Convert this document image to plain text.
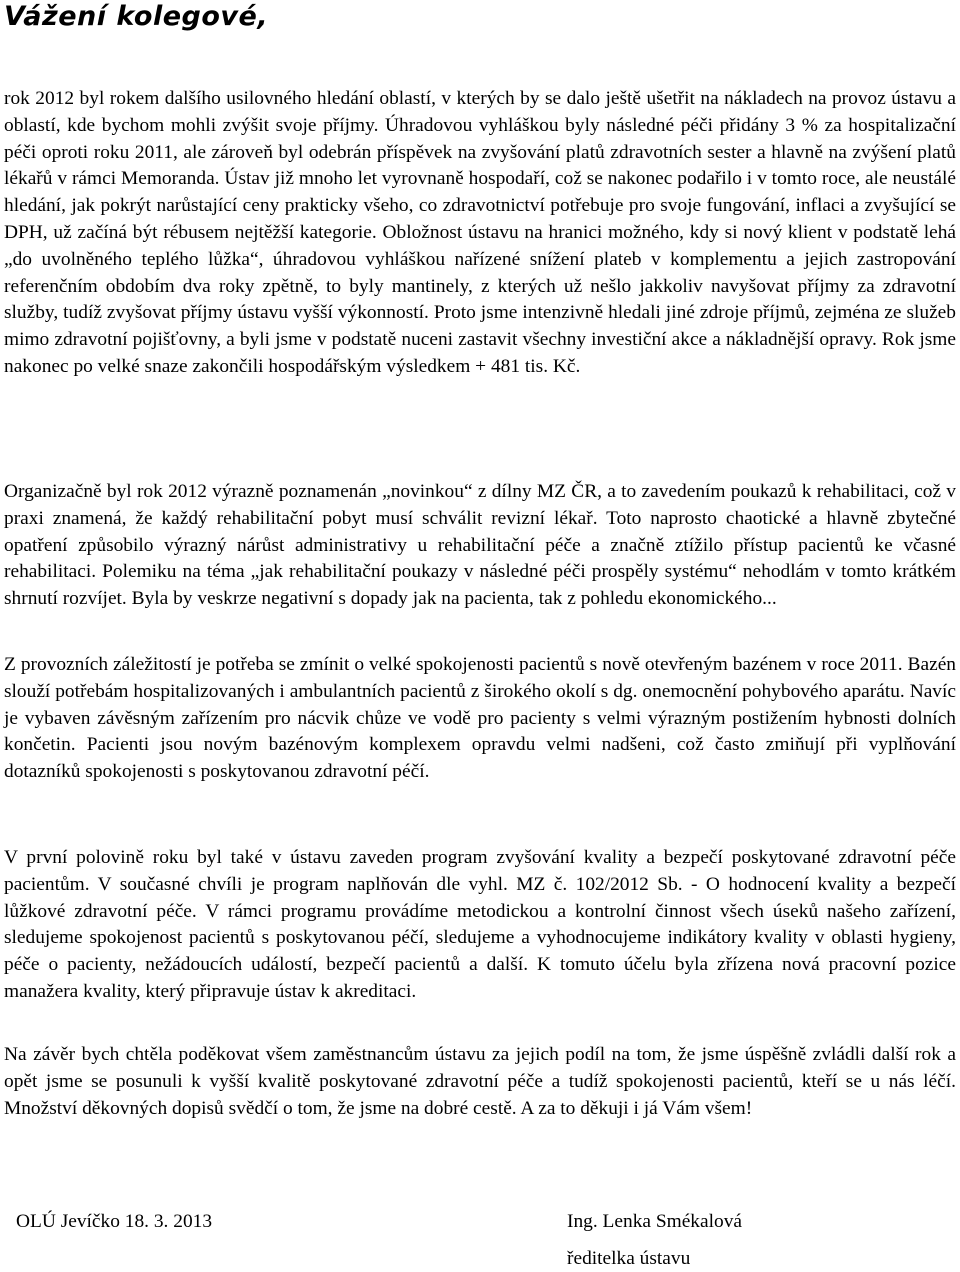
Vážení kolegové,

rok 2012 byl rokem dalšího usilovného hledání oblastí, v kterých by se dalo ještě ušetřit na nákladech na provoz ústavu a oblastí, kde bychom mohli zvýšit svoje příjmy. Úhradovou vyhláškou byly následné péči přidány 3 % za hospitalizační péči oproti roku 2011, ale zároveň byl odebrán příspěvek na zvyšování platů zdravotních sester a hlavně na zvýšení platů lékařů v rámci Memoranda. Ústav již mnoho let vyrovnaně hospodaří, což se nakonec podařilo i v tomto roce, ale neustálé hledání, jak pokrýt narůstající ceny prakticky všeho, co zdravotnictví potřebuje pro svoje fungování, inflaci a zvyšující se DPH, už začíná být rébusem nejtěžší kategorie. Obložnost ústavu na hranici možného, kdy si nový klient v podstatě lehá „do uvolněného teplého lůžka“, úhradovou vyhláškou nařízené snížení plateb v komplementu a jejich zastropování referenčním obdobím dva roky zpětně, to byly mantinely, z kterých už nešlo jakkoliv navyšovat příjmy za zdravotní služby, tudíž zvyšovat příjmy ústavu vyšší výkonností. Proto jsme intenzivně hledali jiné zdroje příjmů, zejména ze služeb mimo zdravotní pojišťovny, a byli jsme v podstatě nuceni zastavit všechny investiční akce a nákladnější opravy. Rok jsme nakonec po velké snaze zakončili hospodářským výsledkem + 481 tis. Kč.

Organizačně byl rok 2012 výrazně poznamenán „novinkou“ z dílny MZ ČR, a to zavedením poukazů k rehabilitaci, což v praxi znamená, že každý rehabilitační pobyt musí schválit revizní lékař. Toto naprosto chaotické a hlavně zbytečné opatření způsobilo výrazný nárůst administrativy u rehabilitační péče a značně ztížilo přístup pacientů ke včasné rehabilitaci. Polemiku na téma „jak rehabilitační poukazy v následné péči prospěly systému“ nehodlám v tomto krátkém shrnutí rozvíjet. Byla by veskrze negativní s dopady jak na pacienta, tak z pohledu ekonomického...

Z provozních záležitostí je potřeba se zmínit o velké spokojenosti pacientů s nově otevřeným bazénem v roce 2011. Bazén slouží potřebám hospitalizovaných i ambulantních pacientů z širokého okolí s dg. onemocnění pohybového aparátu. Navíc je vybaven závěsným zařízením pro nácvik chůze ve vodě pro pacienty s velmi výrazným postižením hybnosti dolních končetin. Pacienti jsou novým bazénovým komplexem opravdu velmi nadšeni, což často zmiňují při vyplňování dotazníků spokojenosti s poskytovanou zdravotní péčí.

V první polovině roku byl také v ústavu zaveden program zvyšování kvality a bezpečí poskytované zdravotní péče pacientům. V současné chvíli je program naplňován dle vyhl. MZ č. 102/2012 Sb. - O hodnocení kvality a bezpečí lůžkové zdravotní péče. V rámci programu provádíme metodickou a kontrolní činnost všech úseků našeho zařízení, sledujeme spokojenost pacientů s poskytovanou péčí, sledujeme a vyhodnocujeme indikátory kvality v oblasti hygieny, péče o pacienty, nežádoucích událostí, bezpečí pacientů a další. K tomuto účelu byla zřízena nová pracovní pozice manažera kvality, který připravuje ústav k akreditaci.

Na závěr bych chtěla poděkovat všem zaměstnancům ústavu za jejich podíl na tom, že jsme úspěšně zvládli další rok a opět jsme se posunuli k vyšší kvalitě poskytované zdravotní péče a tudíž spokojenosti pacientů, kteří se u nás léčí. Množství děkovných dopisů svědčí o tom, že jsme na dobré cestě. A za to děkuji i já Vám všem!

OLÚ Jevíčko 18. 3. 2013	Ing. Lenka Smékalová
ředitelka ústavu
